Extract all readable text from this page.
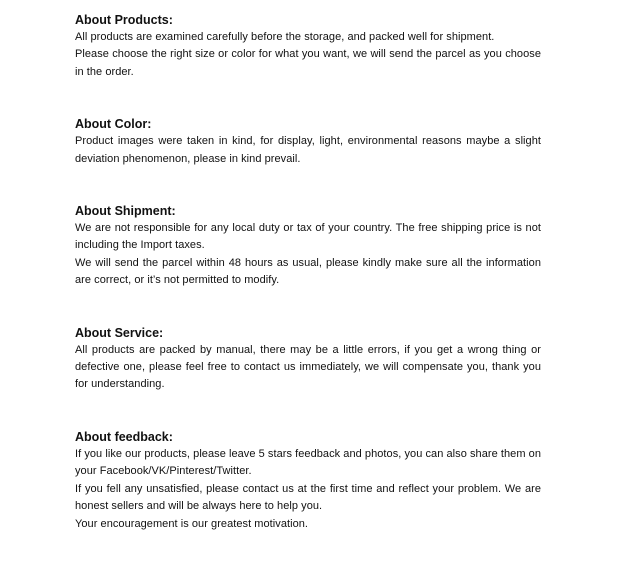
About Products:

All products are examined carefully before the storage, and packed well for shipment.

Please choose the right size or color for what you want, we will send the parcel as you choose in the order.

About Color:

Product images were taken in kind, for display, light, environmental reasons maybe a slight deviation phenomenon, please in kind prevail.

About Shipment:

We are not responsible for any local duty or tax of your country. The free shipping price is not including the Import taxes.

We will send the parcel within 48 hours as usual, please kindly make sure all the information are correct, or it’s not permitted to modify.

About Service:

All products are packed by manual, there may be a little errors, if you get a wrong thing or defective one, please feel free to contact us immediately, we will compensate you, thank you for understanding.

About feedback:

If you like our products, please leave 5 stars feedback and photos, you can also share them on your Facebook/VK/Pinterest/Twitter.

If you fell any unsatisfied, please contact us at the first time and reflect your problem. We are honest sellers and will be always here to help you.

Your encouragement is our greatest motivation.
